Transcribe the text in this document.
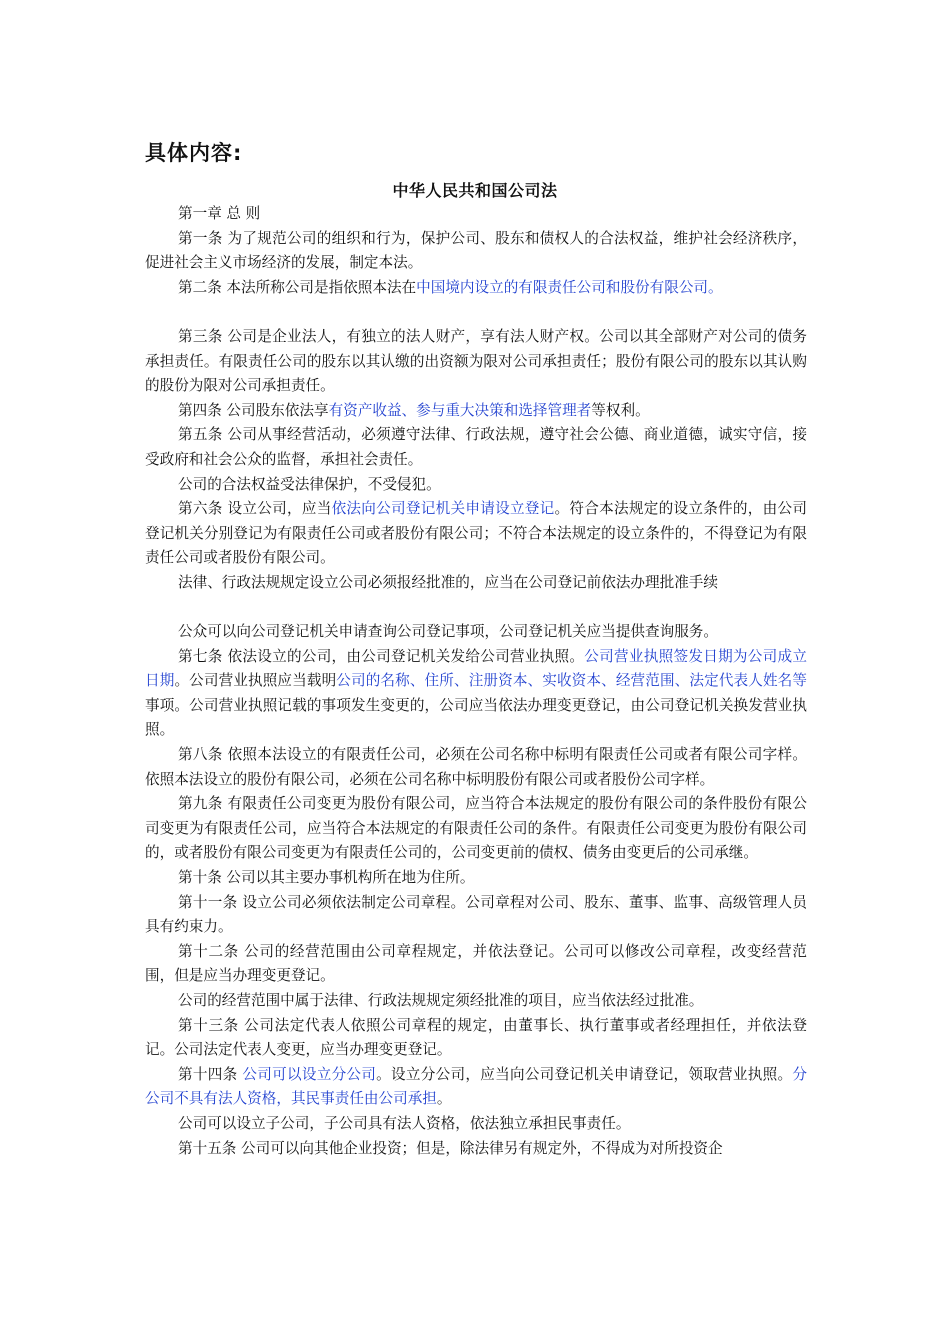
具体内容:
中华人民共和国公司法

第一章 总 则

第一条 为了规范公司的组织和行为，保护公司、股东和债权人的合法权益，维护社会经济秩序，促进社会主义市场经济的发展，制定本法。

第二条 本法所称公司是指依照本法在中国境内设立的有限责任公司和股份有限公司。

第三条 公司是企业法人，有独立的法人财产，享有法人财产权。公司以其全部财产对公司的债务承担责任。有限责任公司的股东以其认缴的出资额为限对公司承担责任；股份有限公司的股东以其认购的股份为限对公司承担责任。

第四条 公司股东依法享有资产收益、参与重大决策和选择管理者等权利。

第五条 公司从事经营活动，必须遵守法律、行政法规，遵守社会公德、商业道德，诚实守信，接受政府和社会公众的监督，承担社会责任。

公司的合法权益受法律保护，不受侵犯。

第六条 设立公司，应当依法向公司登记机关申请设立登记。符合本法规定的设立条件的，由公司登记机关分别登记为有限责任公司或者股份有限公司；不符合本法规定的设立条件的，不得登记为有限责任公司或者股份有限公司。

法律、行政法规规定设立公司必须报经批准的，应当在公司登记前依法办理批准手续

公众可以向公司登记机关申请查询公司登记事项，公司登记机关应当提供查询服务。

第七条 依法设立的公司，由公司登记机关发给公司营业执照。公司营业执照签发日期为公司成立日期。公司营业执照应当载明公司的名称、住所、注册资本、实收资本、经营范围、法定代表人姓名等事项。公司营业执照记载的事项发生变更的，公司应当依法办理变更登记，由公司登记机关换发营业执照。

第八条 依照本法设立的有限责任公司，必须在公司名称中标明有限责任公司或者有限公司字样。依照本法设立的股份有限公司，必须在公司名称中标明股份有限公司或者股份公司字样。

第九条 有限责任公司变更为股份有限公司，应当符合本法规定的股份有限公司的条件股份有限公司变更为有限责任公司，应当符合本法规定的有限责任公司的条件。有限责任公司变更为股份有限公司的，或者股份有限公司变更为有限责任公司的，公司变更前的债权、债务由变更后的公司承继。

第十条 公司以其主要办事机构所在地为住所。

第十一条 设立公司必须依法制定公司章程。公司章程对公司、股东、董事、监事、高级管理人员具有约束力。

第十二条 公司的经营范围由公司章程规定，并依法登记。公司可以修改公司章程，改变经营范围，但是应当办理变更登记。

公司的经营范围中属于法律、行政法规规定须经批准的项目，应当依法经过批准。

第十三条 公司法定代表人依照公司章程的规定，由董事长、执行董事或者经理担任，并依法登记。公司法定代表人变更，应当办理变更登记。

第十四条 公司可以设立分公司。设立分公司，应当向公司登记机关申请登记，领取营业执照。分公司不具有法人资格，其民事责任由公司承担。

公司可以设立子公司，子公司具有法人资格，依法独立承担民事责任。

第十五条 公司可以向其他企业投资；但是，除法律另有规定外，不得成为对所投资企
